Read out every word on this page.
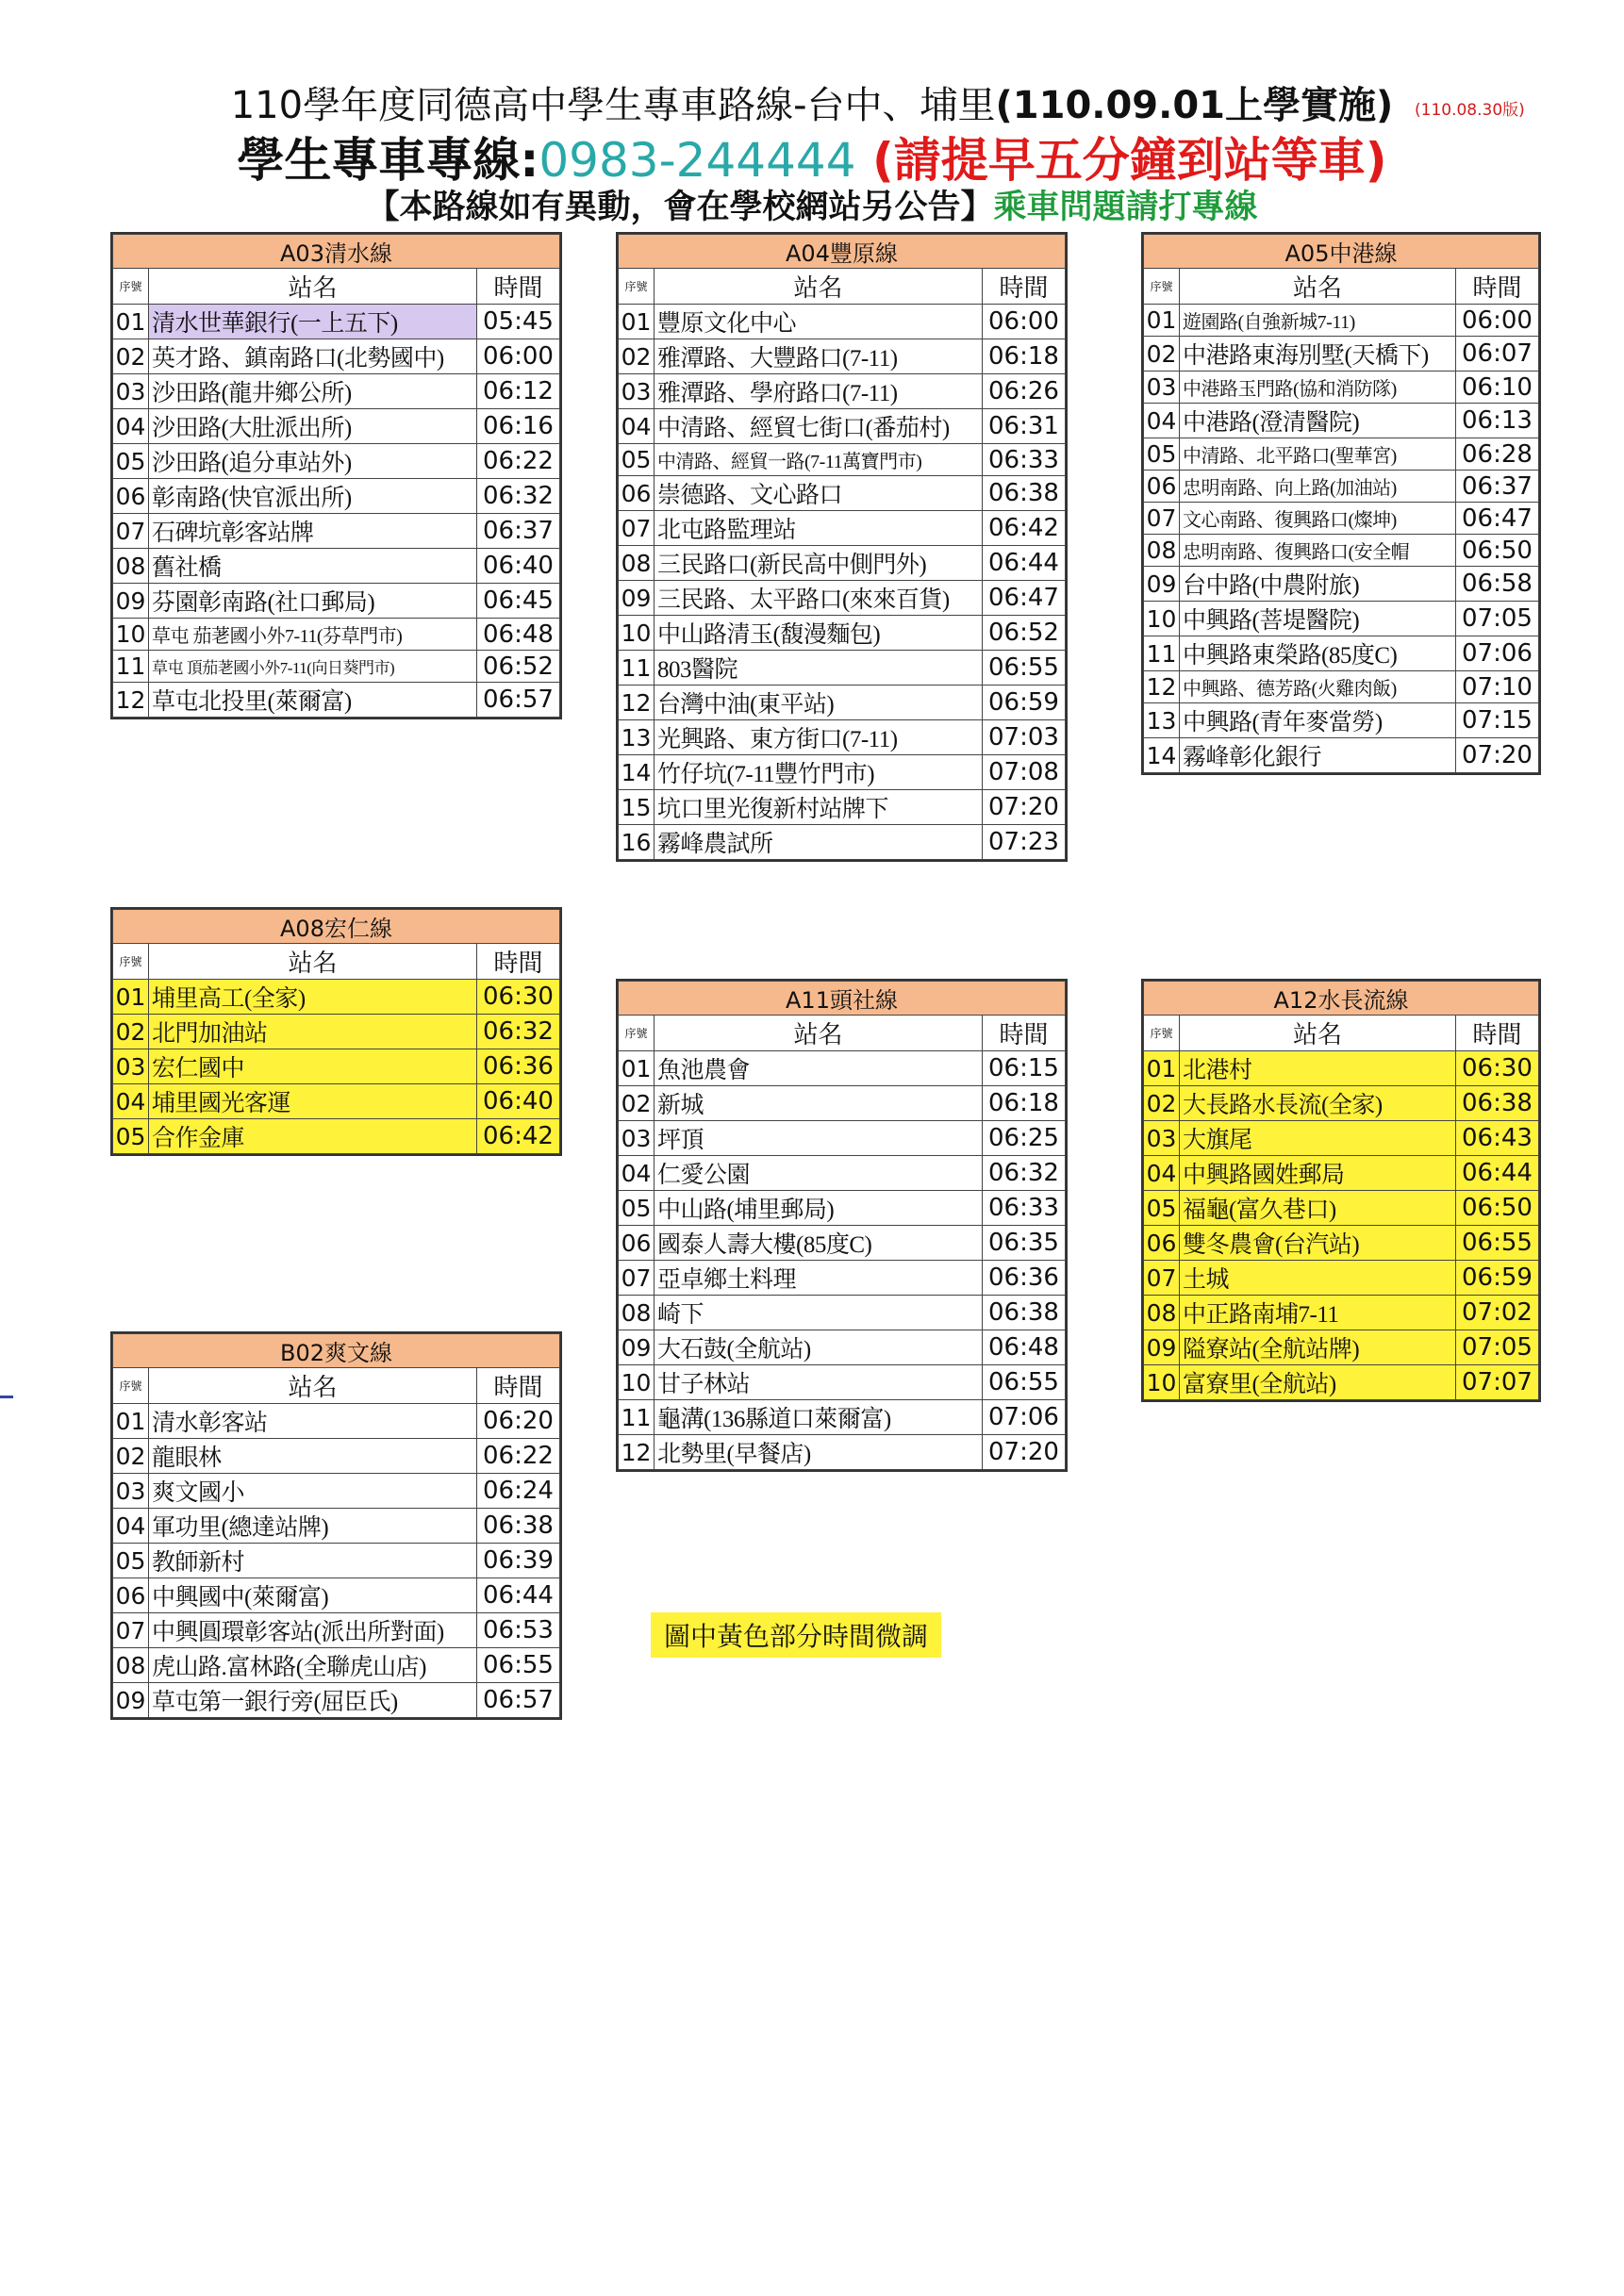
110學年度同德高中學生專車路線-台中、埔里(110.09.01上學實施)	(110.08.30版)
學生專車專線:0983-244444 (請提早五分鐘到站等車)
【本路線如有異動，會在學校網站另公告】乘車問題請打專線
A03清水線		
序號	站名	時間
01	清水世華銀行(一上五下)	05:45
02	英才路、鎮南路口(北勢國中)	06:00
03	沙田路(龍井鄉公所)	06:12
04	沙田路(大肚派出所)	06:16
05	沙田路(追分車站外)	06:22
06	彰南路(快官派出所)	06:32
07	石碑坑彰客站牌	06:37
08	舊社橋	06:40
09	芬園彰南路(社口郵局)	06:45
10	草屯 茄荖國小外7-11(芬草門市)	06:48
11	草屯 頂茄荖國小外7-11(向日葵門市)	06:52
12	草屯北投里(萊爾富)	06:57
A04豐原線		
序號	站名	時間
01	豐原文化中心	06:00
02	雅潭路、大豐路口(7-11)	06:18
03	雅潭路、學府路口(7-11)	06:26
04	中清路、經貿七街口(番茄村)	06:31
05	中清路、經貿一路(7-11萬寶門市)	06:33
06	崇德路、文心路口	06:38
07	北屯路監理站	06:42
08	三民路口(新民高中側門外)	06:44
09	三民路、太平路口(來來百貨)	06:47
10	中山路清玉(馥漫麵包)	06:52
11	803醫院	06:55
12	台灣中油(東平站)	06:59
13	光興路、東方街口(7-11)	07:03
14	竹仔坑(7-11豐竹門市)	07:08
15	坑口里光復新村站牌下	07:20
16	霧峰農試所	07:23
A05中港線		
序號	站名	時間
01	遊園路(自強新城7-11)	06:00
02	中港路東海別墅(天橋下)	06:07
03	中港路玉門路(協和消防隊)	06:10
04	中港路(澄清醫院)	06:13
05	中清路、北平路口(聖華宮)	06:28
06	忠明南路、向上路(加油站)	06:37
07	文心南路、復興路口(燦坤)	06:47
08	忠明南路、復興路口(安全帽	06:50
09	台中路(中農附旅)	06:58
10	中興路(菩堤醫院)	07:05
11	中興路東榮路(85度C)	07:06
12	中興路、德芳路(火雞肉飯)	07:10
13	中興路(青年麥當勞)	07:15
14	霧峰彰化銀行	07:20
A08宏仁線		
序號	站名	時間
01	埔里高工(全家)	06:30
02	北門加油站	06:32
03	宏仁國中	06:36
04	埔里國光客運	06:40
05	合作金庫	06:42
A11頭社線		
序號	站名	時間
01	魚池農會	06:15
02	新城	06:18
03	坪頂	06:25
04	仁愛公園	06:32
05	中山路(埔里郵局)	06:33
06	國泰人壽大樓(85度C)	06:35
07	亞卓鄉土料理	06:36
08	崎下	06:38
09	大石鼓(全航站)	06:48
10	甘子林站	06:55
11	龜溝(136縣道口萊爾富)	07:06
12	北勢里(早餐店)	07:20
A12水長流線		
序號	站名	時間
01	北港村	06:30
02	大長路水長流(全家)	06:38
03	大旗尾	06:43
04	中興路國姓郵局	06:44
05	福龜(富久巷口)	06:50
06	雙冬農會(台汽站)	06:55
07	土城	06:59
08	中正路南埔7-11	07:02
09	隘寮站(全航站牌)	07:05
10	富寮里(全航站)	07:07
B02爽文線		
序號	站名	時間
01	清水彰客站	06:20
02	龍眼林	06:22
03	爽文國小	06:24
04	軍功里(總達站牌)	06:38
05	教師新村	06:39
06	中興國中(萊爾富)	06:44
07	中興圓環彰客站(派出所對面)	06:53
08	虎山路.富林路(全聯虎山店)	06:55
09	草屯第一銀行旁(屈臣氏)	06:57
圖中黃色部分時間微調
